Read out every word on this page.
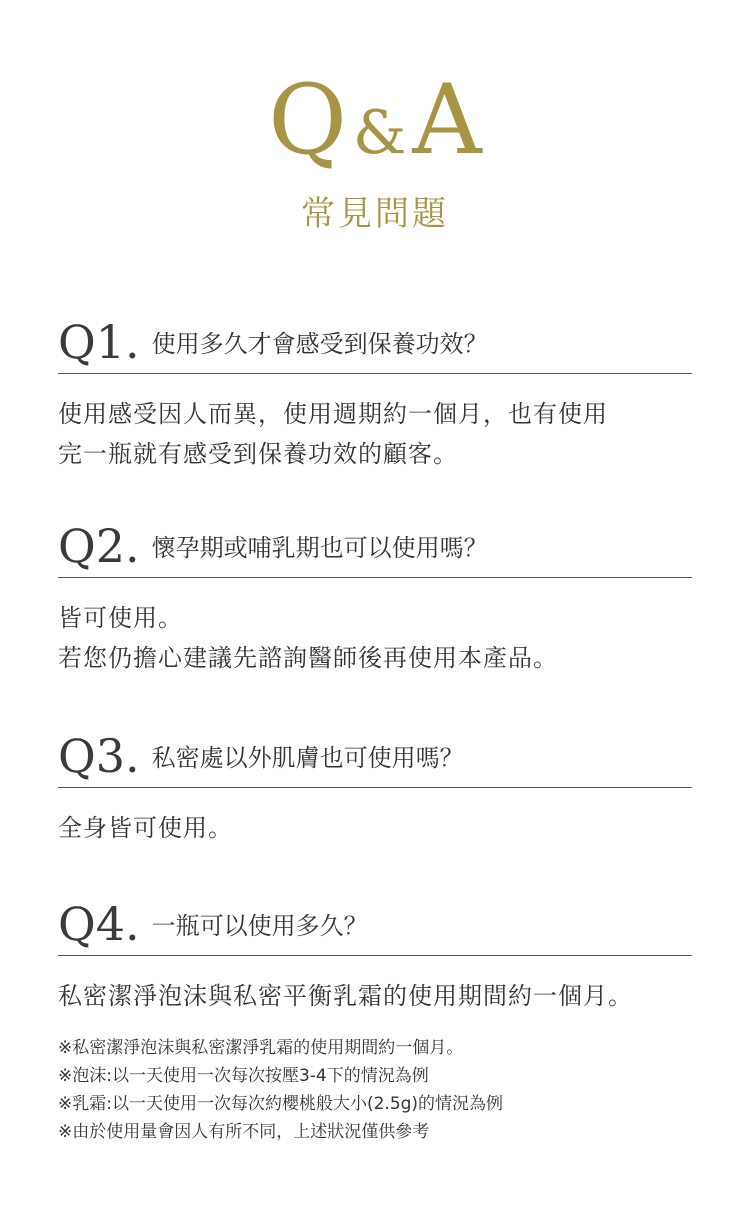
Q & A
常見問題
Q1. 使用多久才會感受到保養功效？
使用感受因人而異，使用週期約一個月，也有使用
完一瓶就有感受到保養功效的顧客。
Q2. 懷孕期或哺乳期也可以使用嗎？
皆可使用。
若您仍擔心建議先諮詢醫師後再使用本產品。
Q3. 私密處以外肌膚也可使用嗎？
全身皆可使用。
Q4. 一瓶可以使用多久？
私密潔淨泡沫與私密平衡乳霜的使用期間約一個月。
※私密潔淨泡沫與私密潔淨乳霜的使用期間約一個月。
※泡沫:以一天使用一次每次按壓3-4下的情況為例
※乳霜:以一天使用一次每次約櫻桃般大小(2.5g)的情況為例
※由於使用量會因人有所不同，上述狀況僅供參考
